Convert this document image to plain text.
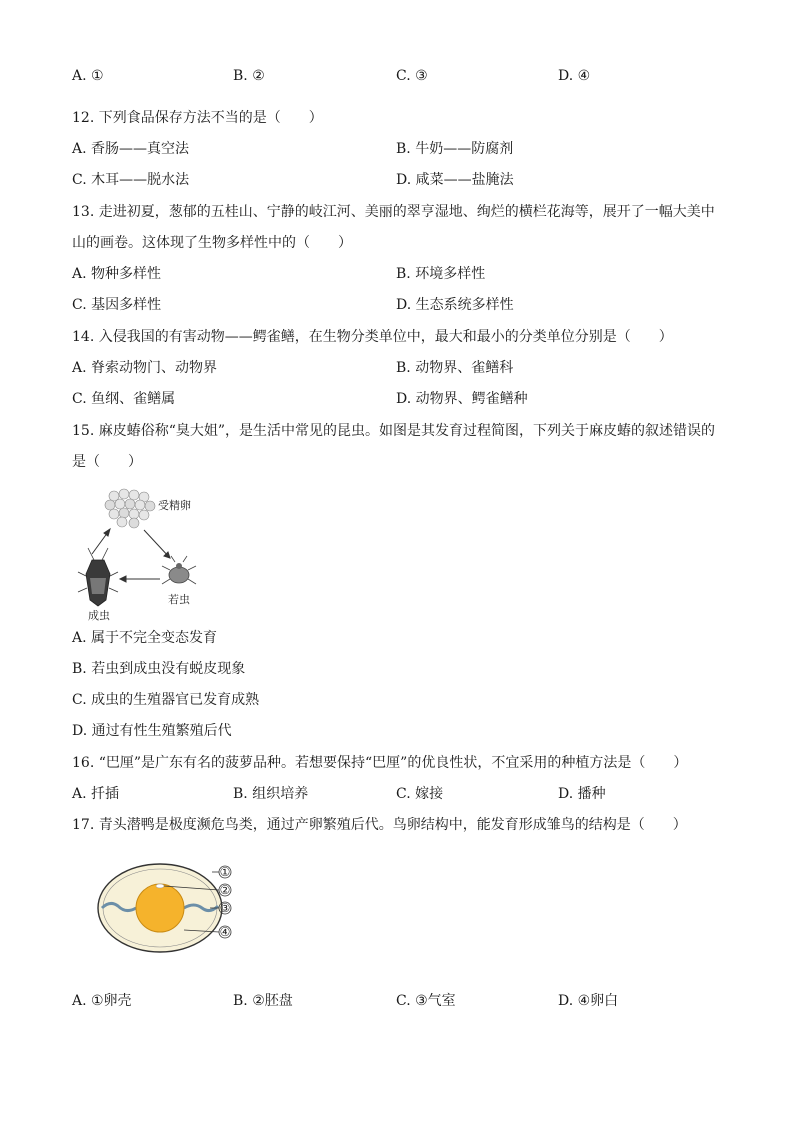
A. ①	B. ②	C. ③	D. ④
12. 下列食品保存方法不当的是（　　）
A. 香肠——真空法	B. 牛奶——防腐剂
C. 木耳——脱水法	D. 咸菜——盐腌法
13. 走进初夏，葱郁的五桂山、宁静的岐江河、美丽的翠亨湿地、绚烂的横栏花海等，展开了一幅大美中
山的画卷。这体现了生物多样性中的（　　）
A. 物种多样性	B. 环境多样性
C. 基因多样性	D. 生态系统多样性
14. 入侵我国的有害动物——鳄雀鳝，在生物分类单位中，最大和最小的分类单位分别是（　　）
A. 脊索动物门、动物界	B. 动物界、雀鳝科
C. 鱼纲、雀鳝属	D. 动物界、鳄雀鳝种
15. 麻皮蝽俗称“臭大姐”，是生活中常见的昆虫。如图是其发育过程简图，下列关于麻皮蝽的叙述错误的
是（　　）
受精卵
若虫
成虫
A. 属于不完全变态发育
B. 若虫到成虫没有蜕皮现象
C. 成虫的生殖器官已发育成熟
D. 通过有性生殖繁殖后代
16. “巴厘”是广东有名的菠萝品种。若想要保持“巴厘”的优良性状，不宜采用的种植方法是（　　）
A. 扦插	B. 组织培养	C. 嫁接	D. 播种
17. 青头潜鸭是极度濒危鸟类，通过产卵繁殖后代。鸟卵结构中，能发育形成雏鸟的结构是（　　）
①
②
③
④
A. ①卵壳	B. ②胚盘	C. ③气室	D. ④卵白
